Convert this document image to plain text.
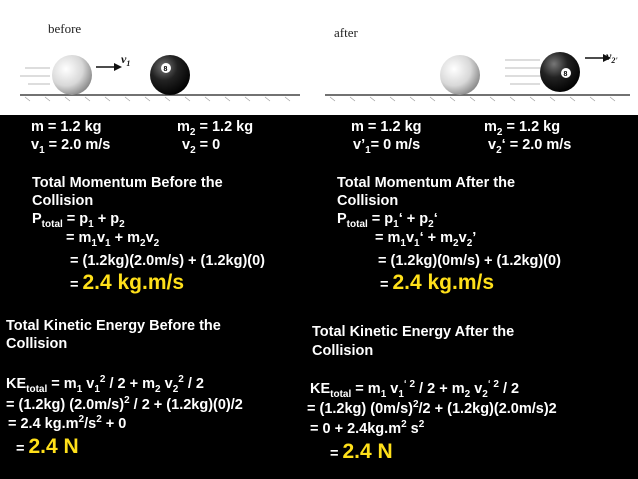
before
$v_1$
8
after
8
$v_{2'}$
m = 1.2 kg
$v_1 = 2.0$ m/s
$m_2 = 1.2$ kg
$v_2 = 0$
Total Momentum Before the
Collision
$P_{total} = p_1 + p_2$
= $m_1v_1 + m_2v_2$
= (1.2kg)(2.0m/s) + (1.2kg)(0)
= 2.4 kg.m/s
Total Kinetic Energy Before the
Collision
$KE_{total} = m_1$ $v_1^2 / 2 + m_2$ $v_2^2 / 2$
= (1.2kg) $(2.0m/s)^2 / 2 + (1.2kg)(0)/2$
= 2.4 $kg.m^2/s^2 + 0$
= 2.4 N
m = 1.2 kg
$v’_1= 0$ m/s
$m_2 = 1.2$ kg
$v_2‘ = 2.0$ m/s
Total Momentum After the
Collision
$P_{total}$ = $p_1‘$ + $p_2‘$
= $m_1v_1‘ + m_2v_2$’
= (1.2kg)(0m/s) + (1.2kg)(0)
= 2.4 kg.m/s
Total Kinetic Energy After the
Collision
$KE_{total} = m_1$ $v_1^{‘ 2} / 2 + m_2$ $v_2^{‘ 2} / 2$
= (1.2kg) $(0m/s)^2/2 + (1.2kg)(2.0m/s)2$
= $0 + 2.4kg.m^2$ $s^2$
= 2.4 N
